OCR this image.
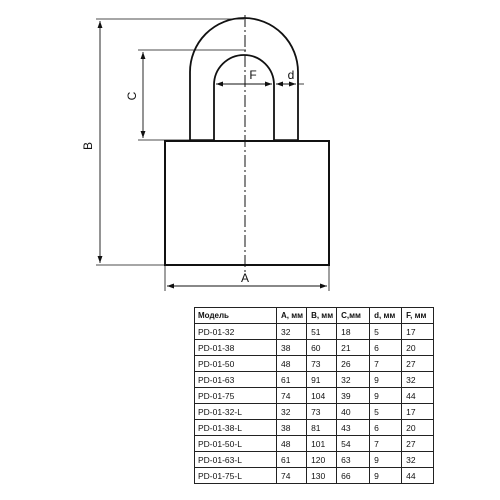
B
C
F	d
A
Модель	А, мм	В, мм	С,мм	d, мм	F, мм
PD-01-32	32	51	18	5	17
PD-01-38	38	60	21	6	20
PD-01-50	48	73	26	7	27
PD-01-63	61	91	32	9	32
PD-01-75	74	104	39	9	44
PD-01-32-L	32	73	40	5	17
PD-01-38-L	38	81	43	6	20
PD-01-50-L	48	101	54	7	27
PD-01-63-L	61	120	63	9	32
PD-01-75-L	74	130	66	9	44
